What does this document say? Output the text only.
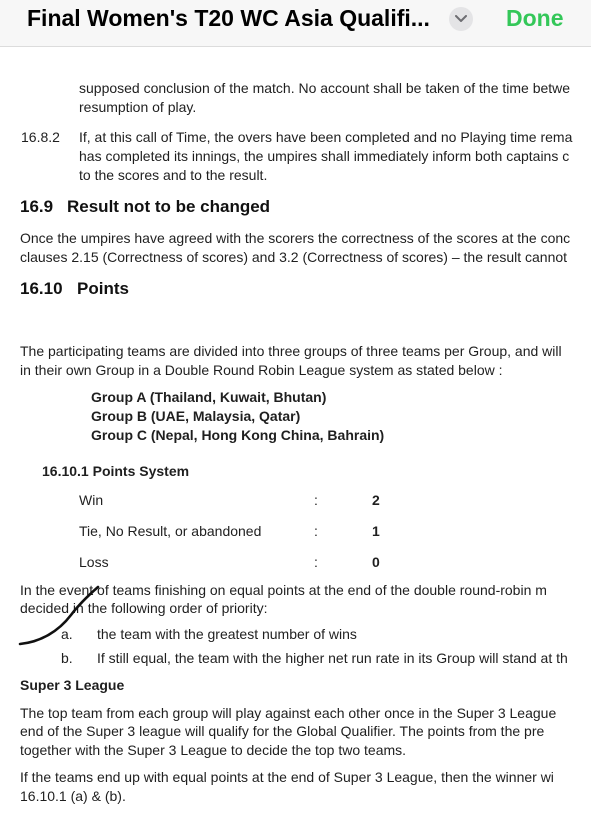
Final Women's T20 WC Asia Qualifi...	Done
supposed conclusion of the match. No account shall be taken of the time betwe
resumption of play.
16.8.2 If, at this call of Time, the overs have been completed and no Playing time rema
has completed its innings, the umpires shall immediately inform both captains c
to the scores and to the result.
16.9 Result not to be changed
Once the umpires have agreed with the scorers the correctness of the scores at the conc
clauses 2.15 (Correctness of scores) and 3.2 (Correctness of scores) – the result cannot
16.10 Points
The participating teams are divided into three groups of three teams per Group, and will
in their own Group in a Double Round Robin League system as stated below :
Group A (Thailand, Kuwait, Bhutan)
Group B (UAE, Malaysia, Qatar)
Group C (Nepal, Hong Kong China, Bahrain)
16.10.1 Points System
Win	:	2
Tie, No Result, or abandoned	:	1
Loss	:	0
In the event of teams finishing on equal points at the end of the double round-robin m
decided in the following order of priority:
a. the team with the greatest number of wins
b. If still equal, the team with the higher net run rate in its Group will stand at th
Super 3 League
The top team from each group will play against each other once in the Super 3 League
end of the Super 3 league will qualify for the Global Qualifier. The points from the pre
together with the Super 3 League to decide the top two teams.
If the teams end up with equal points at the end of Super 3 League, then the winner wi
16.10.1 (a) & (b).
